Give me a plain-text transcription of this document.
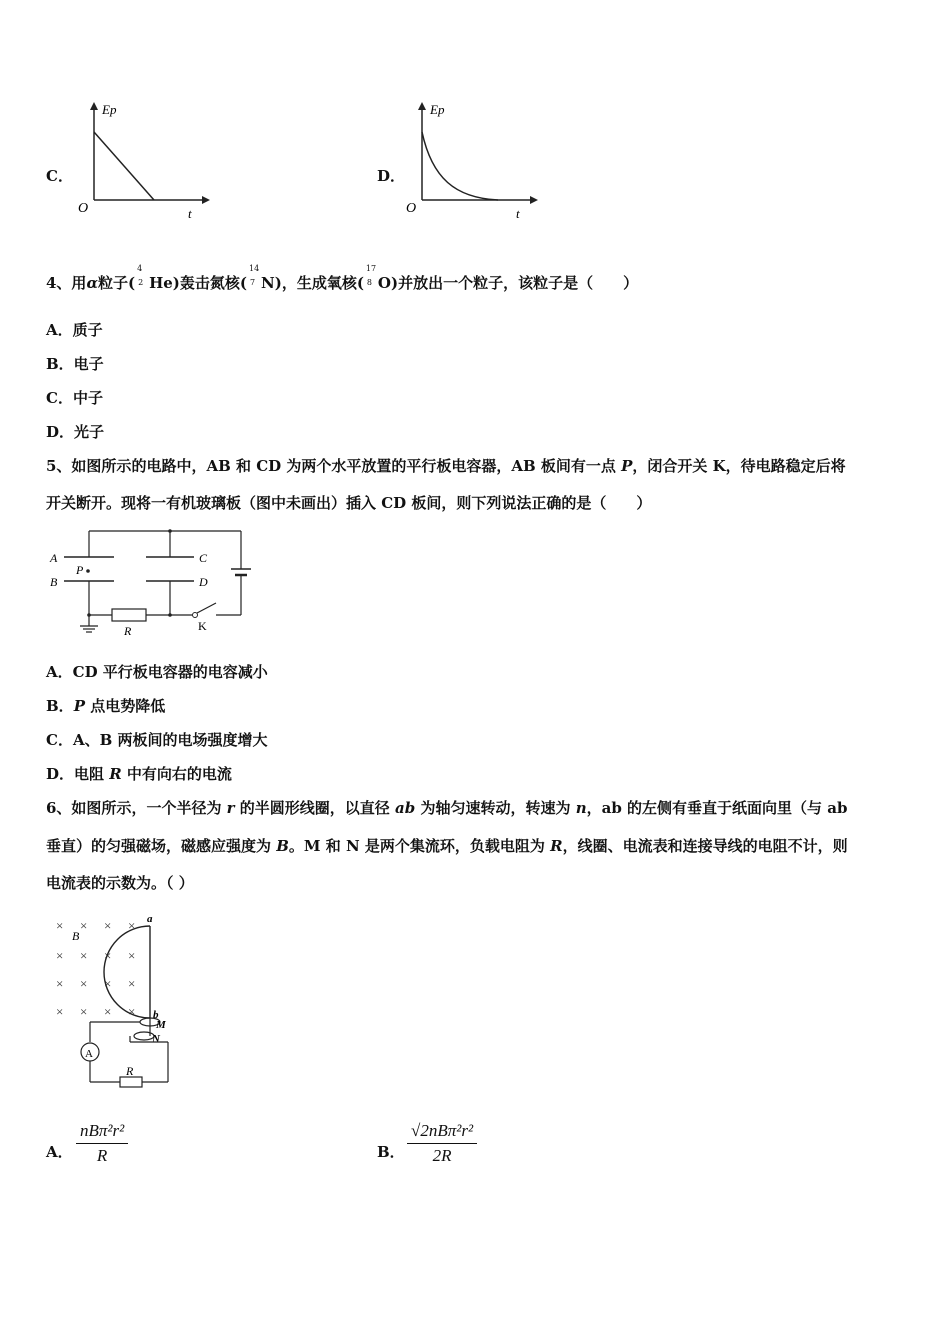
C．
Ep
O	t
D．
Ep
O	t
4、用α粒子(
4
2 He)轰击氮核(
14
7 N)，生成氧核(
17
8 O)并放出一个粒子，该粒子是（　　）
A．质子
B．电子
C．中子
D．光子
5、如图所示的电路中，AB 和 CD 为两个水平放置的平行板电容器，AB 板间有一点 P，闭合开关 K，待电路稳定后将
开关断开。现将一有机玻璃板（图中未画出）插入 CD 板间，则下列说法正确的是（　　）
A
B
P
C
D
R	K
A．CD 平行板电容器的电容减小
B．P 点电势降低
C．A、B 两板间的电场强度增大
D．电阻 R 中有向右的电流
6、如图所示，一个半径为 r 的半圆形线圈，以直径 ab 为轴匀速转动，转速为 n，ab 的左侧有垂直于纸面向里（与 ab
垂直）的匀强磁场，磁感应强度为 B。M 和 N 是两个集流环，负载电阻为 R，线圈、电流表和连接导线的电阻不计，则
电流表的示数为。（ ）
× × × ×
× × × ×
× × × ×
× × × ×
B
a
b
M
N
A
R
A．
nBπ²r²
R	B．
√2nBπ²r²
2R
